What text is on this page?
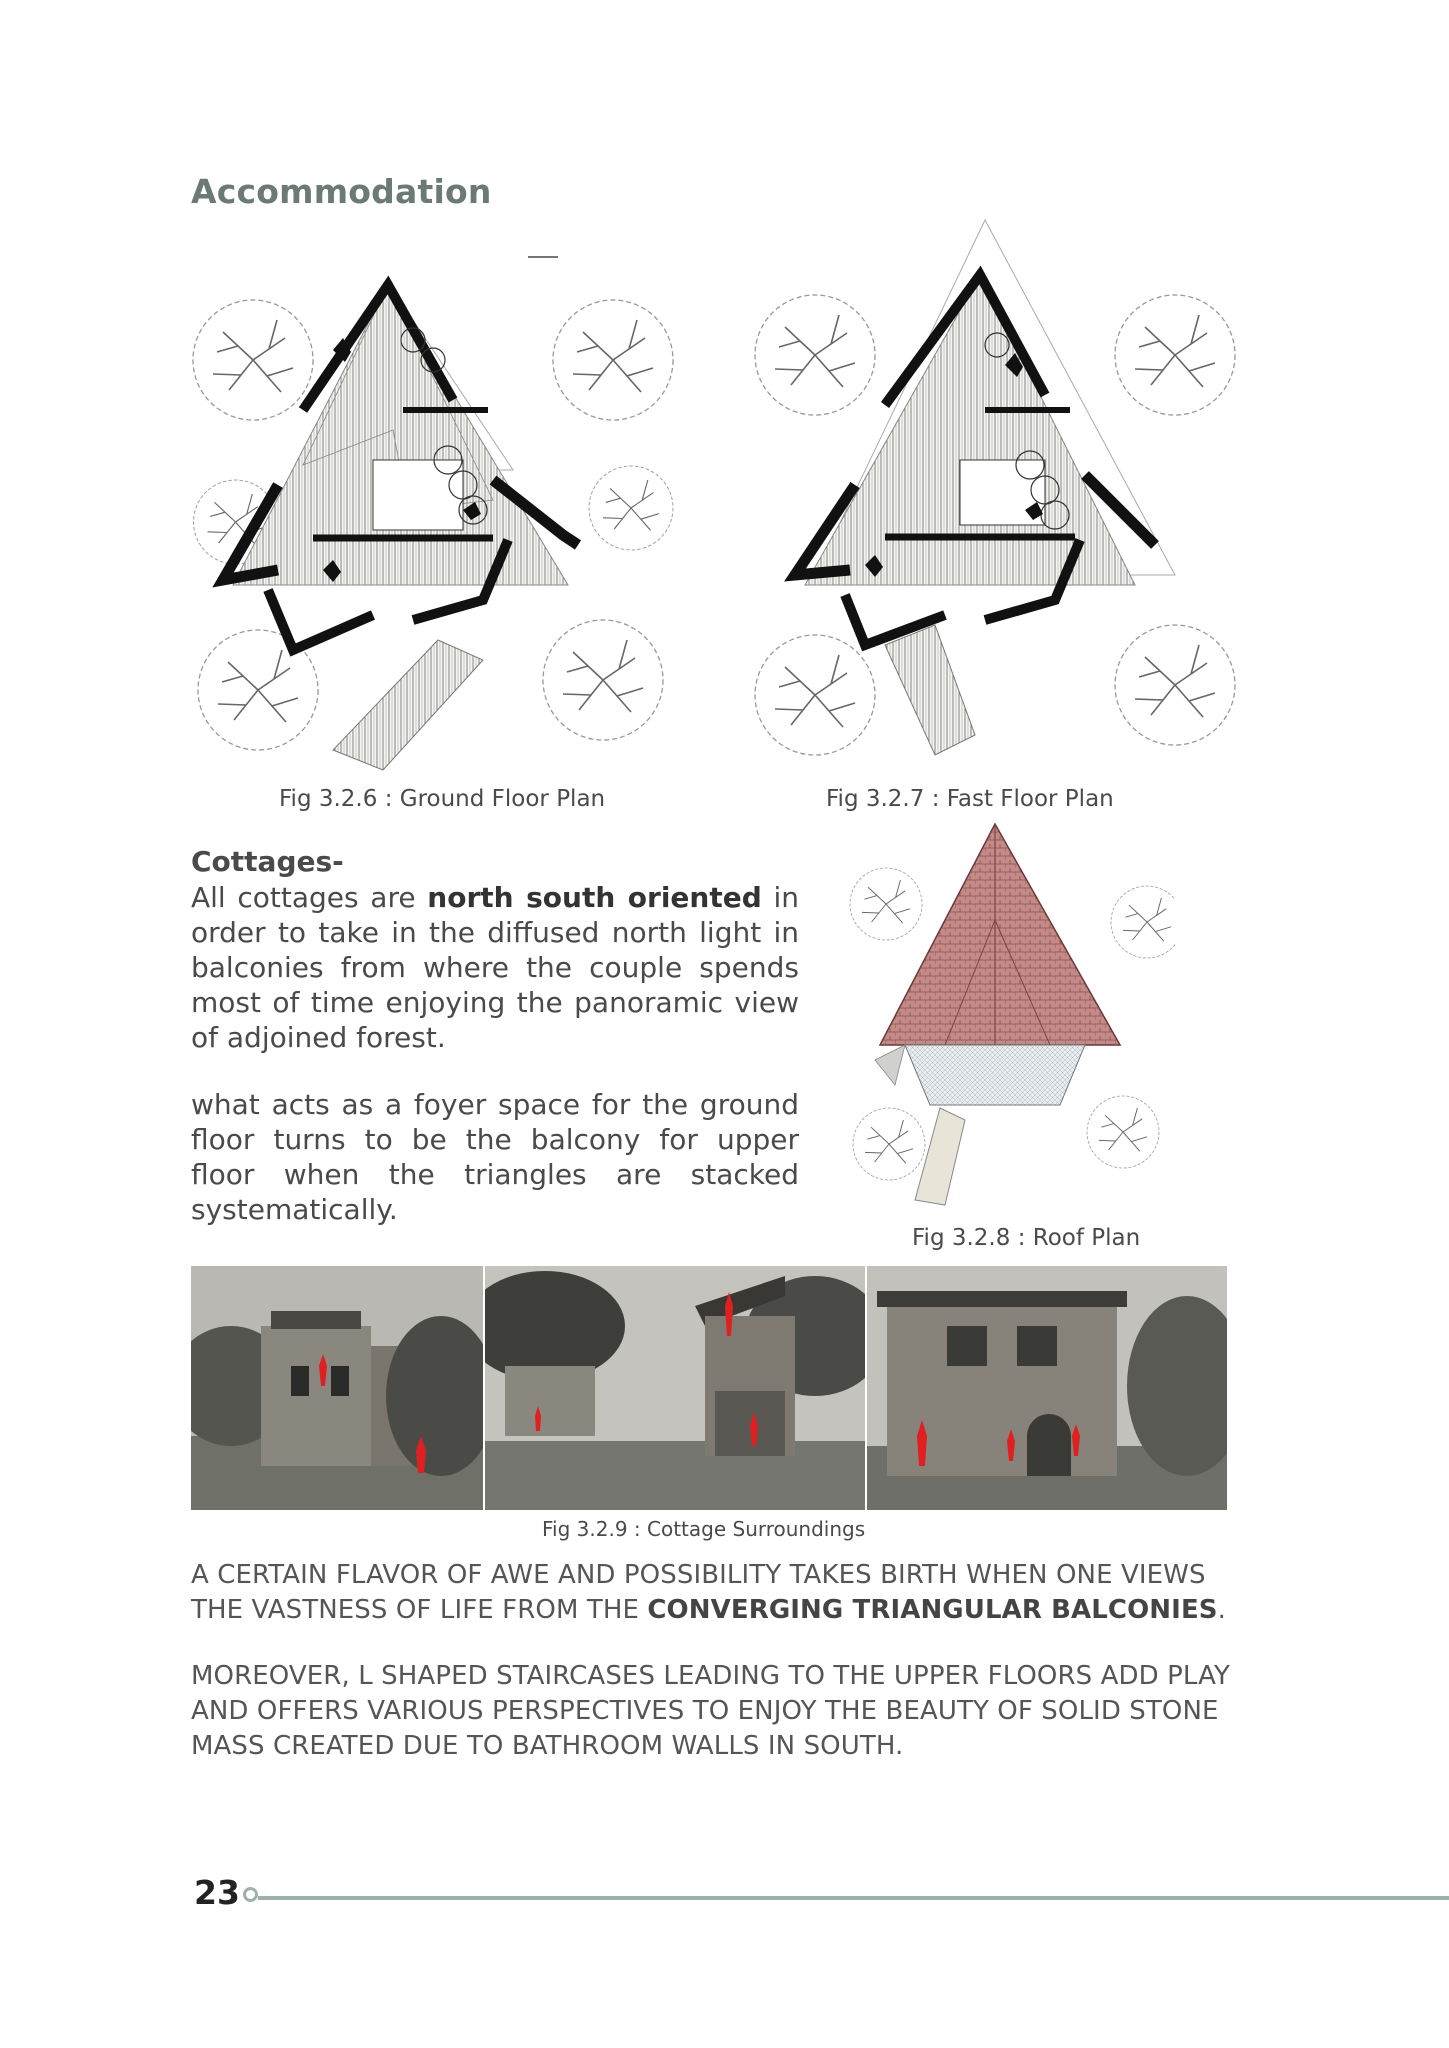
Accommodation
Fig 3.2.6 : Ground Floor Plan	Fig 3.2.7 : Fast Floor Plan
Cottages-
All cottages are north south oriented in order to take in the diffused north light in balconies from where the couple spends most of time enjoying the panoramic view of adjoined forest.
what acts as a foyer space for the ground floor turns to be the balcony for upper floor when the triangles are stacked systematically.
Fig 3.2.8 : Roof Plan
Fig 3.2.9 : Cottage Surroundings
A CERTAIN FLAVOR OF AWE AND POSSIBILITY TAKES BIRTH WHEN ONE VIEWS THE VASTNESS OF LIFE FROM THE CONVERGING TRIANGULAR BALCONIES.
MOREOVER, L SHAPED STAIRCASES LEADING TO THE UPPER FLOORS ADD PLAY AND OFFERS VARIOUS PERSPECTIVES TO ENJOY THE BEAUTY OF SOLID STONE MASS CREATED DUE TO BATHROOM WALLS IN SOUTH.
23
